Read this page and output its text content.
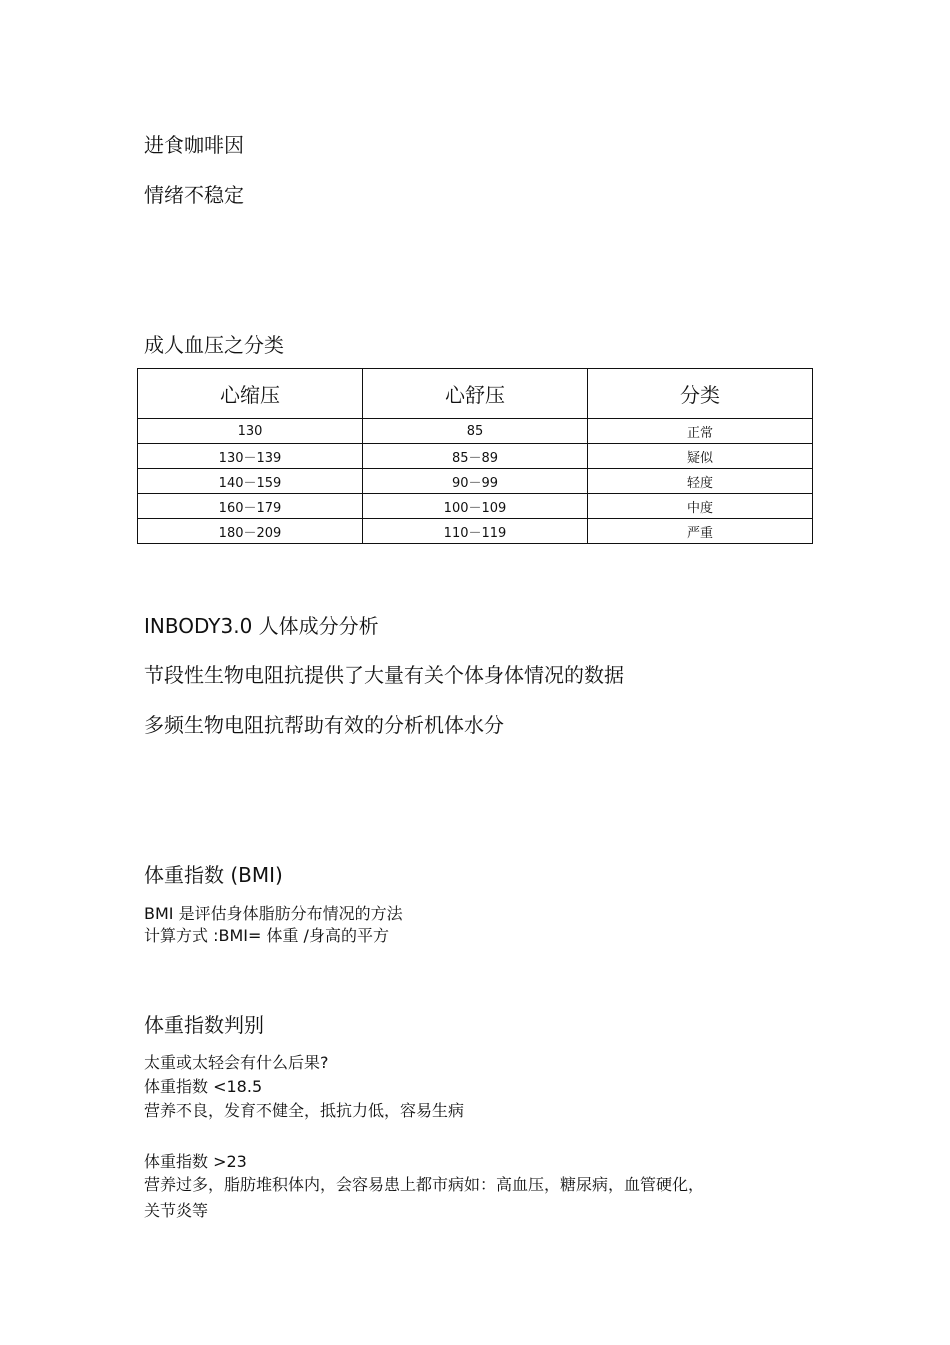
进食咖啡因
情绪不稳定
成人血压之分类
心缩压	心舒压	分类
130	85	正常
130－139	85－89	疑似
140－159	90－99	轻度
160－179	100－109	中度
180－209	110－119	严重
INBODY3.0 人体成分分析
节段性生物电阻抗提供了大量有关个体身体情况的数据
多频生物电阻抗帮助有效的分析机体水分
体重指数 (BMI)
BMI 是评估身体脂肪分布情况的方法
计算方式 :BMI= 体重 /身高的平方
体重指数判别
太重或太轻会有什么后果?
体重指数 <18.5
营养不良，发育不健全，抵抗力低，容易生病
体重指数 >23
营养过多，脂肪堆积体内，会容易患上都市病如：高血压，糖尿病，血管硬化，
关节炎等
